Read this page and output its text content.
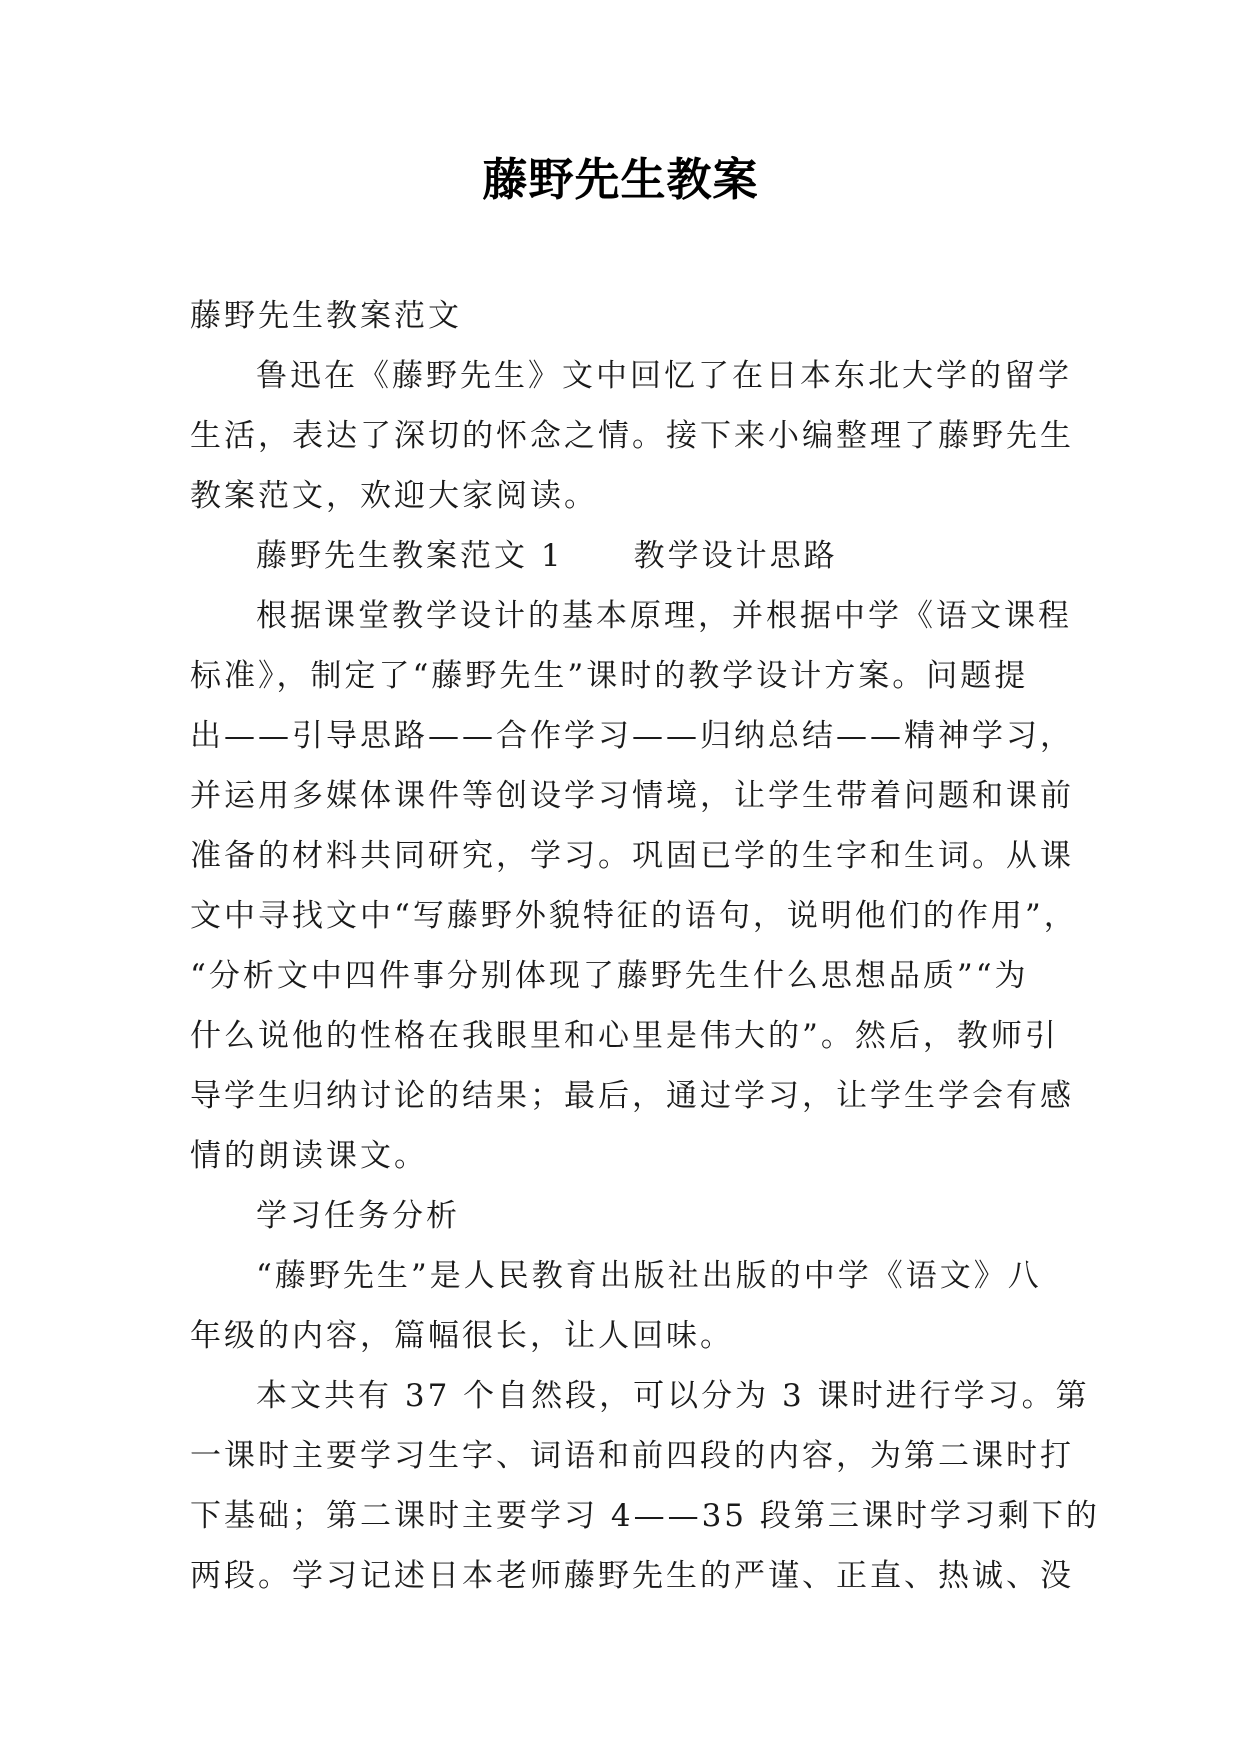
藤野先生教案
藤野先生教案范文
鲁迅在《藤野先生》文中回忆了在日本东北大学的留学
生活，表达了深切的怀念之情。接下来小编整理了藤野先生
教案范文，欢迎大家阅读。
藤野先生教案范文 1 教学设计思路
根据课堂教学设计的基本原理，并根据中学《语文课程
标准》，制定了“藤野先生”课时的教学设计方案。问题提
出——引导思路——合作学习——归纳总结——精神学习，
并运用多媒体课件等创设学习情境，让学生带着问题和课前
准备的材料共同研究，学习。巩固已学的生字和生词。从课
文中寻找文中“写藤野外貌特征的语句，说明他们的作用”，
“分析文中四件事分别体现了藤野先生什么思想品质”“为
什么说他的性格在我眼里和心里是伟大的”。然后，教师引
导学生归纳讨论的结果；最后，通过学习，让学生学会有感
情的朗读课文。
学习任务分析
“藤野先生”是人民教育出版社出版的中学《语文》八
年级的内容，篇幅很长，让人回味。
本文共有 37 个自然段，可以分为 3 课时进行学习。第
一课时主要学习生字、词语和前四段的内容，为第二课时打
下基础；第二课时主要学习 4——35 段第三课时学习剩下的
两段。学习记述日本老师藤野先生的严谨、正直、热诚、没
